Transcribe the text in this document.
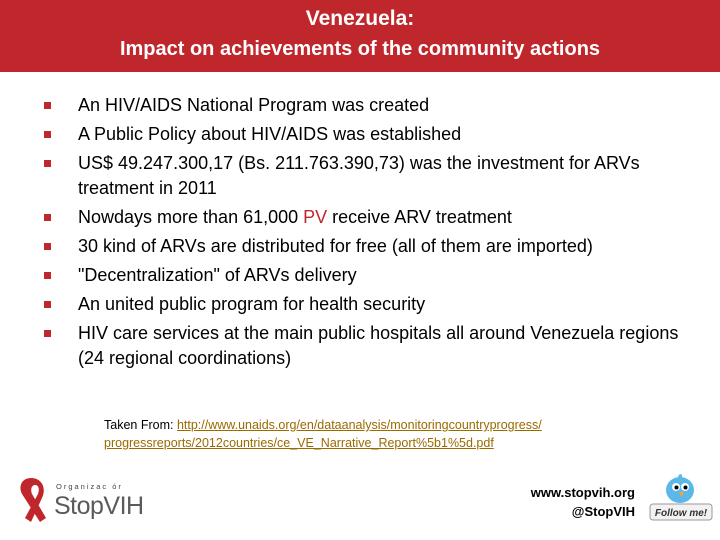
Venezuela:
Impact on achievements of the community actions
An HIV/AIDS National Program was created
A Public Policy about HIV/AIDS was established
US$ 49.247.300,17 (Bs. 211.763.390,73) was the investment for ARVs treatment in 2011
Nowdays more than 61,000 PV receive ARV treatment
30 kind of ARVs are distributed for free (all of them are imported)
"Decentralization" of ARVs delivery
An united public program for health security
HIV care services at the main public hospitals all around Venezuela regions (24 regional coordinations)
Taken From: http://www.unaids.org/en/dataanalysis/monitoringcountryprogress/
progressreports/2012countries/ce_VE_Narrative_Report%5b1%5d.pdf
Organizac ór
StopVIH	www.stopvih.org
@StopVIH Follow me!
